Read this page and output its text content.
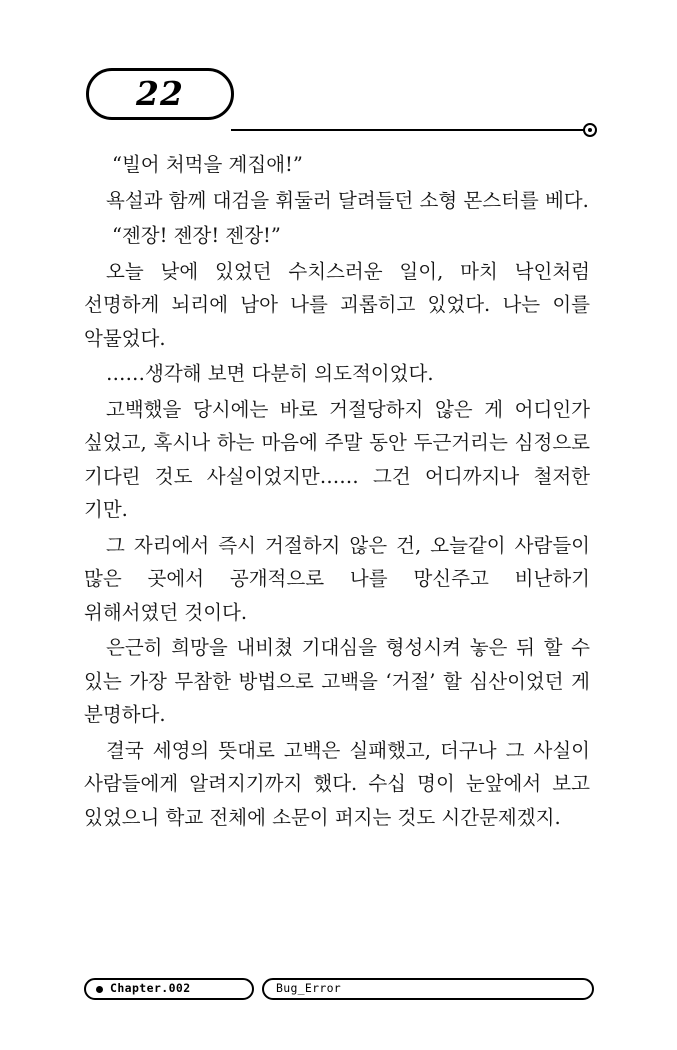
22

“빌어 처먹을 계집애!”

욕설과 함께 대검을 휘둘러 달려들던 소형 몬스터를 베다.

“젠장! 젠장! 젠장!”

오늘 낮에 있었던 수치스러운 일이, 마치 낙인처럼 선명하게 뇌리에 남아 나를 괴롭히고 있었다. 나는 이를 악물었다.

……생각해 보면 다분히 의도적이었다.

고백했을 당시에는 바로 거절당하지 않은 게 어디인가 싶었고, 혹시나 하는 마음에 주말 동안 두근거리는 심정으로 기다린 것도 사실이었지만…… 그건 어디까지나 철저한 기만.

그 자리에서 즉시 거절하지 않은 건, 오늘같이 사람들이 많은 곳에서 공개적으로 나를 망신주고 비난하기 위해서였던 것이다.

은근히 희망을 내비쳤 기대심을 형성시켜 놓은 뒤 할 수 있는 가장 무참한 방법으로 고백을 ‘거절’ 할 심산이었던 게 분명하다.

결국 세영의 뜻대로 고백은 실패했고, 더구나 그 사실이 사람들에게 알려지기까지 했다. 수십 명이 눈앞에서 보고 있었으니 학교 전체에 소문이 퍼지는 것도 시간문제겠지.

Chapter.002	Bug_Error
